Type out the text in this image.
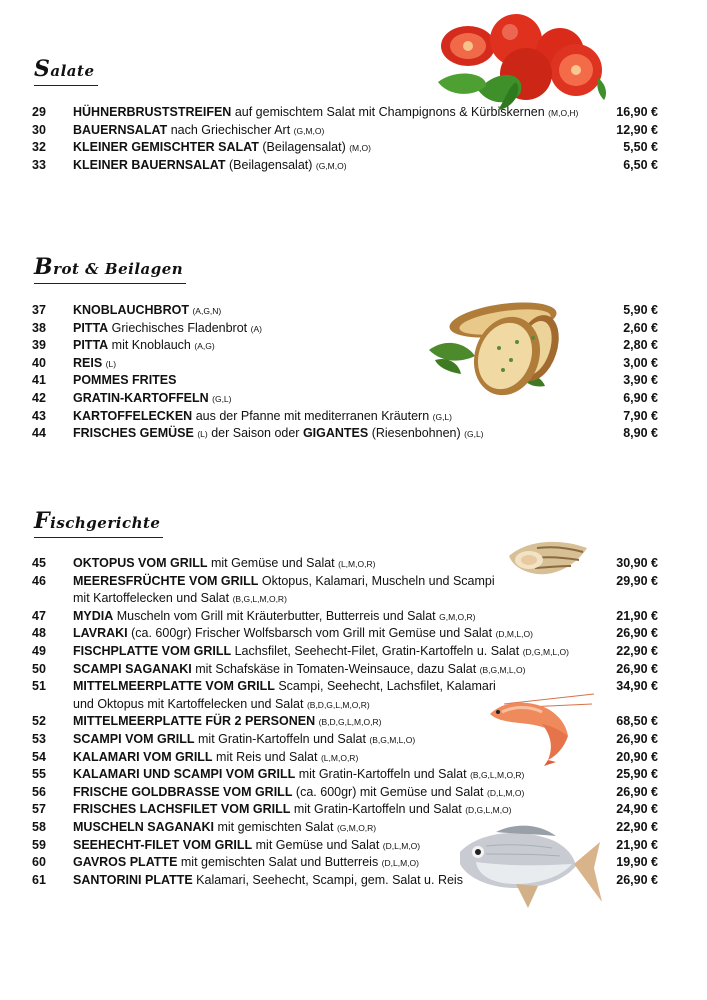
Salate
Brot & Beilagen
Fischgerichte
29	HÜHNERBRUSTSTREIFEN auf gemischtem Salat mit Champignons & Kürbiskernen (M,O,H)	16,90 €
30	BAUERNSALAT nach Griechischer Art (G,M,O)	12,90 €
32	KLEINER GEMISCHTER SALAT (Beilagensalat) (M,O)	5,50 €
33	KLEINER BAUERNSALAT (Beilagensalat) (G,M,O)	6,50 €
37	KNOBLAUCHBROT (A,G,N)	5,90 €
38	PITTA Griechisches Fladenbrot (A)	2,60 €
39	PITTA mit Knoblauch (A,G)	2,80 €
40	REIS (L)	3,00 €
41	POMMES FRITES	3,90 €
42	GRATIN-KARTOFFELN (G,L)	6,90 €
43	KARTOFFELECKEN aus der Pfanne mit mediterranen Kräutern (G,L)	7,90 €
44	FRISCHES GEMÜSE (L) der Saison oder GIGANTES (Riesenbohnen) (G,L)	8,90 €
45	OKTOPUS VOM GRILL mit Gemüse und Salat (L,M,O,R)	30,90 €
46	MEERESFRÜCHTE VOM GRILL Oktopus, Kalamari, Muscheln und Scampi	29,90 €
mit Kartoffelecken und Salat (B,G,L,M,O,R)
47	MYDIA Muscheln vom Grill mit Kräuterbutter, Butterreis und Salat G,M,O,R)	21,90 €
48	LAVRAKI (ca. 600gr) Frischer Wolfsbarsch vom Grill mit Gemüse und Salat (D,M,L,O)	26,90 €
49	FISCHPLATTE VOM GRILL Lachsfilet, Seehecht-Filet, Gratin-Kartoffeln u. Salat (D,G,M,L,O)	22,90 €
50	SCAMPI SAGANAKI mit Schafskäse in Tomaten-Weinsauce, dazu Salat (B,G,M,L,O)	26,90 €
51	MITTELMEERPLATTE VOM GRILL Scampi, Seehecht, Lachsfilet, Kalamari	34,90 €
und Oktopus mit Kartoffelecken und Salat (B,D,G,L,M,O,R)
52	MITTELMEERPLATTE FÜR 2 PERSONEN (B,D,G,L,M,O,R)	68,50 €
53	SCAMPI VOM GRILL mit Gratin-Kartoffeln und Salat (B,G,M,L,O)	26,90 €
54	KALAMARI VOM GRILL mit Reis und Salat (L,M,O,R)	20,90 €
55	KALAMARI UND SCAMPI VOM GRILL mit Gratin-Kartoffeln und Salat (B,G,L,M,O,R)	25,90 €
56	FRISCHE GOLDBRASSE VOM GRILL (ca. 600gr) mit Gemüse und Salat (D,L,M,O)	26,90 €
57	FRISCHES LACHSFILET VOM GRILL mit Gratin-Kartoffeln und Salat (D,G,L,M,O)	24,90 €
58	MUSCHELN SAGANAKI mit gemischten Salat (G,M,O,R)	22,90 €
59	SEEHECHT-FILET VOM GRILL mit Gemüse und Salat (D,L,M,O)	21,90 €
60	GAVROS PLATTE mit gemischten Salat und Butterreis (D,L,M,O)	19,90 €
61	SANTORINI PLATTE Kalamari, Seehecht, Scampi, gem. Salat u. Reis	26,90 €
